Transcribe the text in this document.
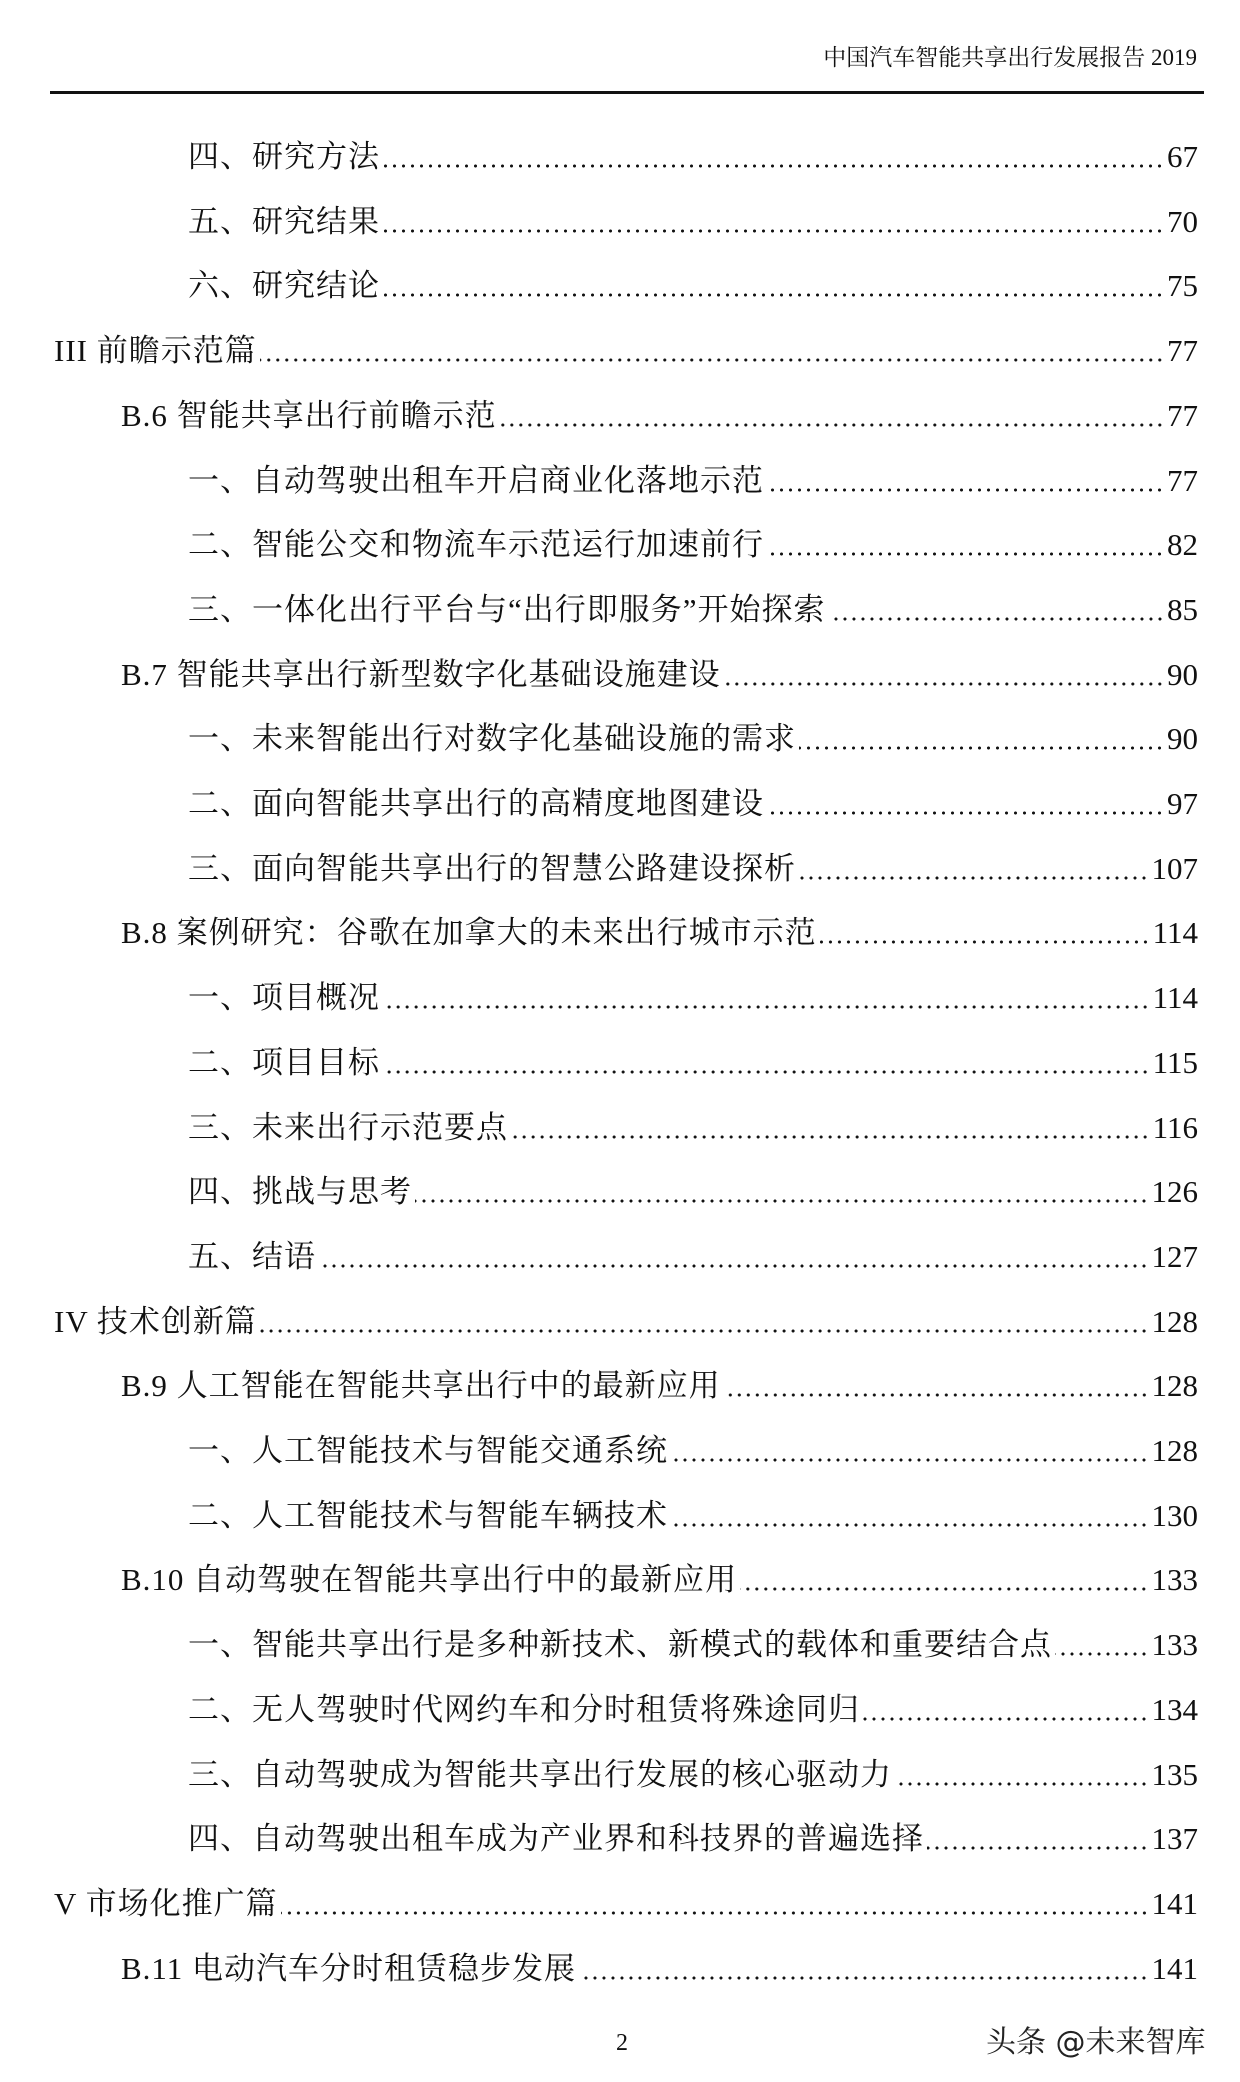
中国汽车智能共享出行发展报告 2019
四、研究方法	67
五、研究结果	70
六、研究结论	75
III 前瞻示范篇	77
B.6 智能共享出行前瞻示范	77
一、自动驾驶出租车开启商业化落地示范	77
二、智能公交和物流车示范运行加速前行	82
三、一体化出行平台与“出行即服务”开始探索	85
B.7 智能共享出行新型数字化基础设施建设	90
一、未来智能出行对数字化基础设施的需求	90
二、面向智能共享出行的高精度地图建设	97
三、面向智能共享出行的智慧公路建设探析	107
B.8 案例研究：谷歌在加拿大的未来出行城市示范	114
一、项目概况	114
二、项目目标	115
三、未来出行示范要点	116
四、挑战与思考	126
五、结语	127
IV 技术创新篇	128
B.9 人工智能在智能共享出行中的最新应用	128
一、人工智能技术与智能交通系统	128
二、人工智能技术与智能车辆技术	130
B.10 自动驾驶在智能共享出行中的最新应用	133
一、智能共享出行是多种新技术、新模式的载体和重要结合点	133
二、无人驾驶时代网约车和分时租赁将殊途同归	134
三、自动驾驶成为智能共享出行发展的核心驱动力	135
四、自动驾驶出租车成为产业界和科技界的普遍选择	137
V 市场化推广篇	141
B.11 电动汽车分时租赁稳步发展	141
2	头条 @未来智库
